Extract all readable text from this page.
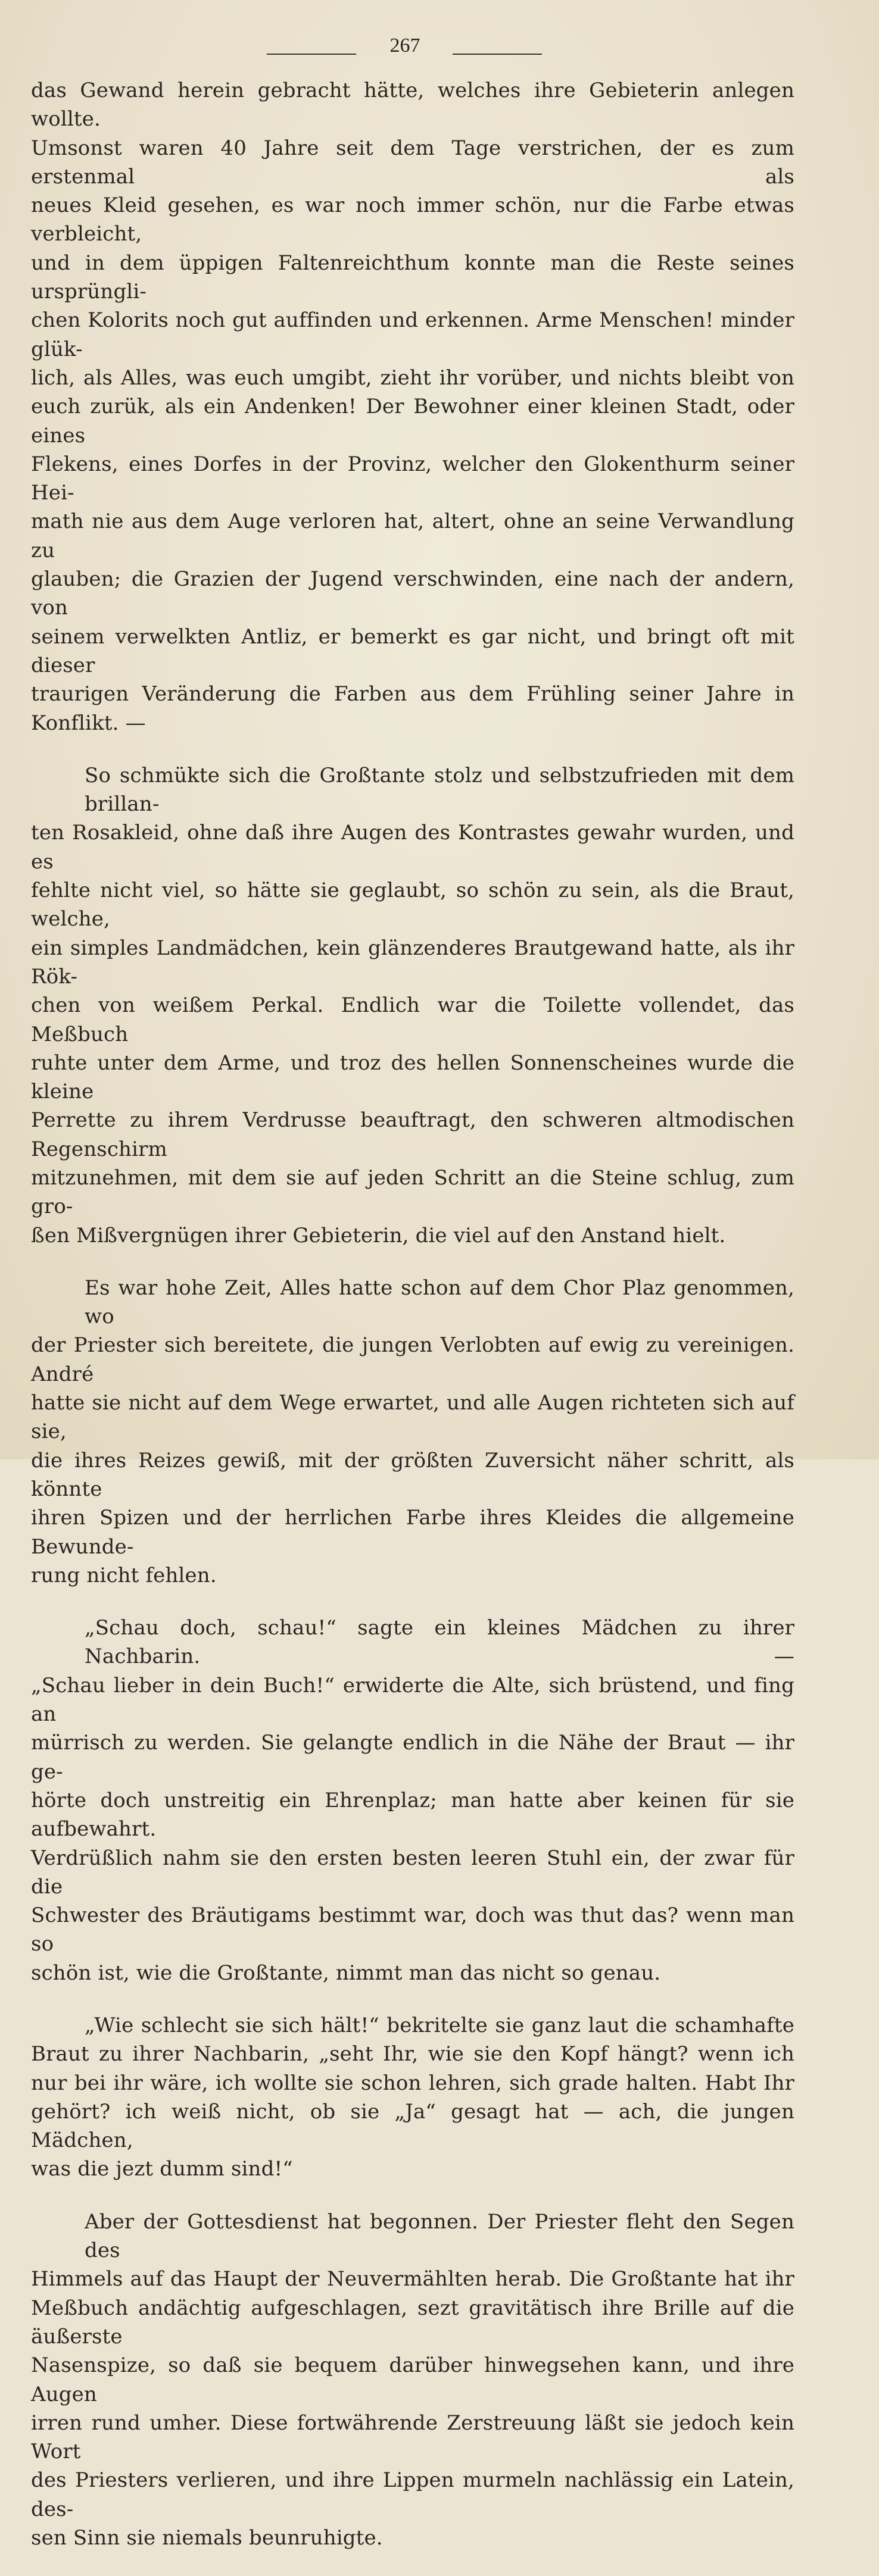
267

das Gewand herein gebracht hätte, welches ihre Gebieterin anlegen wollte.
Umsonst waren 40 Jahre seit dem Tage verstrichen, der es zum erstenmal als
neues Kleid gesehen, es war noch immer schön, nur die Farbe etwas verbleicht,
und in dem üppigen Faltenreichthum konnte man die Reste seines ursprüngli-
chen Kolorits noch gut auffinden und erkennen. Arme Menschen! minder glük-
lich, als Alles, was euch umgibt, zieht ihr vorüber, und nichts bleibt von
euch zurük, als ein Andenken! Der Bewohner einer kleinen Stadt, oder eines
Flekens, eines Dorfes in der Provinz, welcher den Glokenthurm seiner Hei-
math nie aus dem Auge verloren hat, altert, ohne an seine Verwandlung zu
glauben; die Grazien der Jugend verschwinden, eine nach der andern, von
seinem verwelkten Antliz, er bemerkt es gar nicht, und bringt oft mit dieser
traurigen Veränderung die Farben aus dem Frühling seiner Jahre in Konflikt. —

So schmükte sich die Großtante stolz und selbstzufrieden mit dem brillan-
ten Rosakleid, ohne daß ihre Augen des Kontrastes gewahr wurden, und es
fehlte nicht viel, so hätte sie geglaubt, so schön zu sein, als die Braut, welche,
ein simples Landmädchen, kein glänzenderes Brautgewand hatte, als ihr Rök-
chen von weißem Perkal. Endlich war die Toilette vollendet, das Meßbuch
ruhte unter dem Arme, und troz des hellen Sonnenscheines wurde die kleine
Perrette zu ihrem Verdrusse beauftragt, den schweren altmodischen Regenschirm
mitzunehmen, mit dem sie auf jeden Schritt an die Steine schlug, zum gro-
ßen Mißvergnügen ihrer Gebieterin, die viel auf den Anstand hielt.

Es war hohe Zeit, Alles hatte schon auf dem Chor Plaz genommen, wo
der Priester sich bereitete, die jungen Verlobten auf ewig zu vereinigen. André
hatte sie nicht auf dem Wege erwartet, und alle Augen richteten sich auf sie,
die ihres Reizes gewiß, mit der größten Zuversicht näher schritt, als könnte
ihren Spizen und der herrlichen Farbe ihres Kleides die allgemeine Bewunde-
rung nicht fehlen.

„Schau doch, schau!“ sagte ein kleines Mädchen zu ihrer Nachbarin. —
„Schau lieber in dein Buch!“ erwiderte die Alte, sich brüstend, und fing an
mürrisch zu werden. Sie gelangte endlich in die Nähe der Braut — ihr ge-
hörte doch unstreitig ein Ehrenplaz; man hatte aber keinen für sie aufbewahrt.
Verdrüßlich nahm sie den ersten besten leeren Stuhl ein, der zwar für die
Schwester des Bräutigams bestimmt war, doch was thut das? wenn man so
schön ist, wie die Großtante, nimmt man das nicht so genau.

„Wie schlecht sie sich hält!“ bekritelte sie ganz laut die schamhafte
Braut zu ihrer Nachbarin, „seht Ihr, wie sie den Kopf hängt? wenn ich
nur bei ihr wäre, ich wollte sie schon lehren, sich grade halten. Habt Ihr
gehört? ich weiß nicht, ob sie „Ja“ gesagt hat — ach, die jungen Mädchen,
was die jezt dumm sind!“

Aber der Gottesdienst hat begonnen. Der Priester fleht den Segen des
Himmels auf das Haupt der Neuvermählten herab. Die Großtante hat ihr
Meßbuch andächtig aufgeschlagen, sezt gravitätisch ihre Brille auf die äußerste
Nasenspize, so daß sie bequem darüber hinwegsehen kann, und ihre Augen
irren rund umher. Diese fortwährende Zerstreuung läßt sie jedoch kein Wort
des Priesters verlieren, und ihre Lippen murmeln nachlässig ein Latein, des-
sen Sinn sie niemals beunruhigte.
